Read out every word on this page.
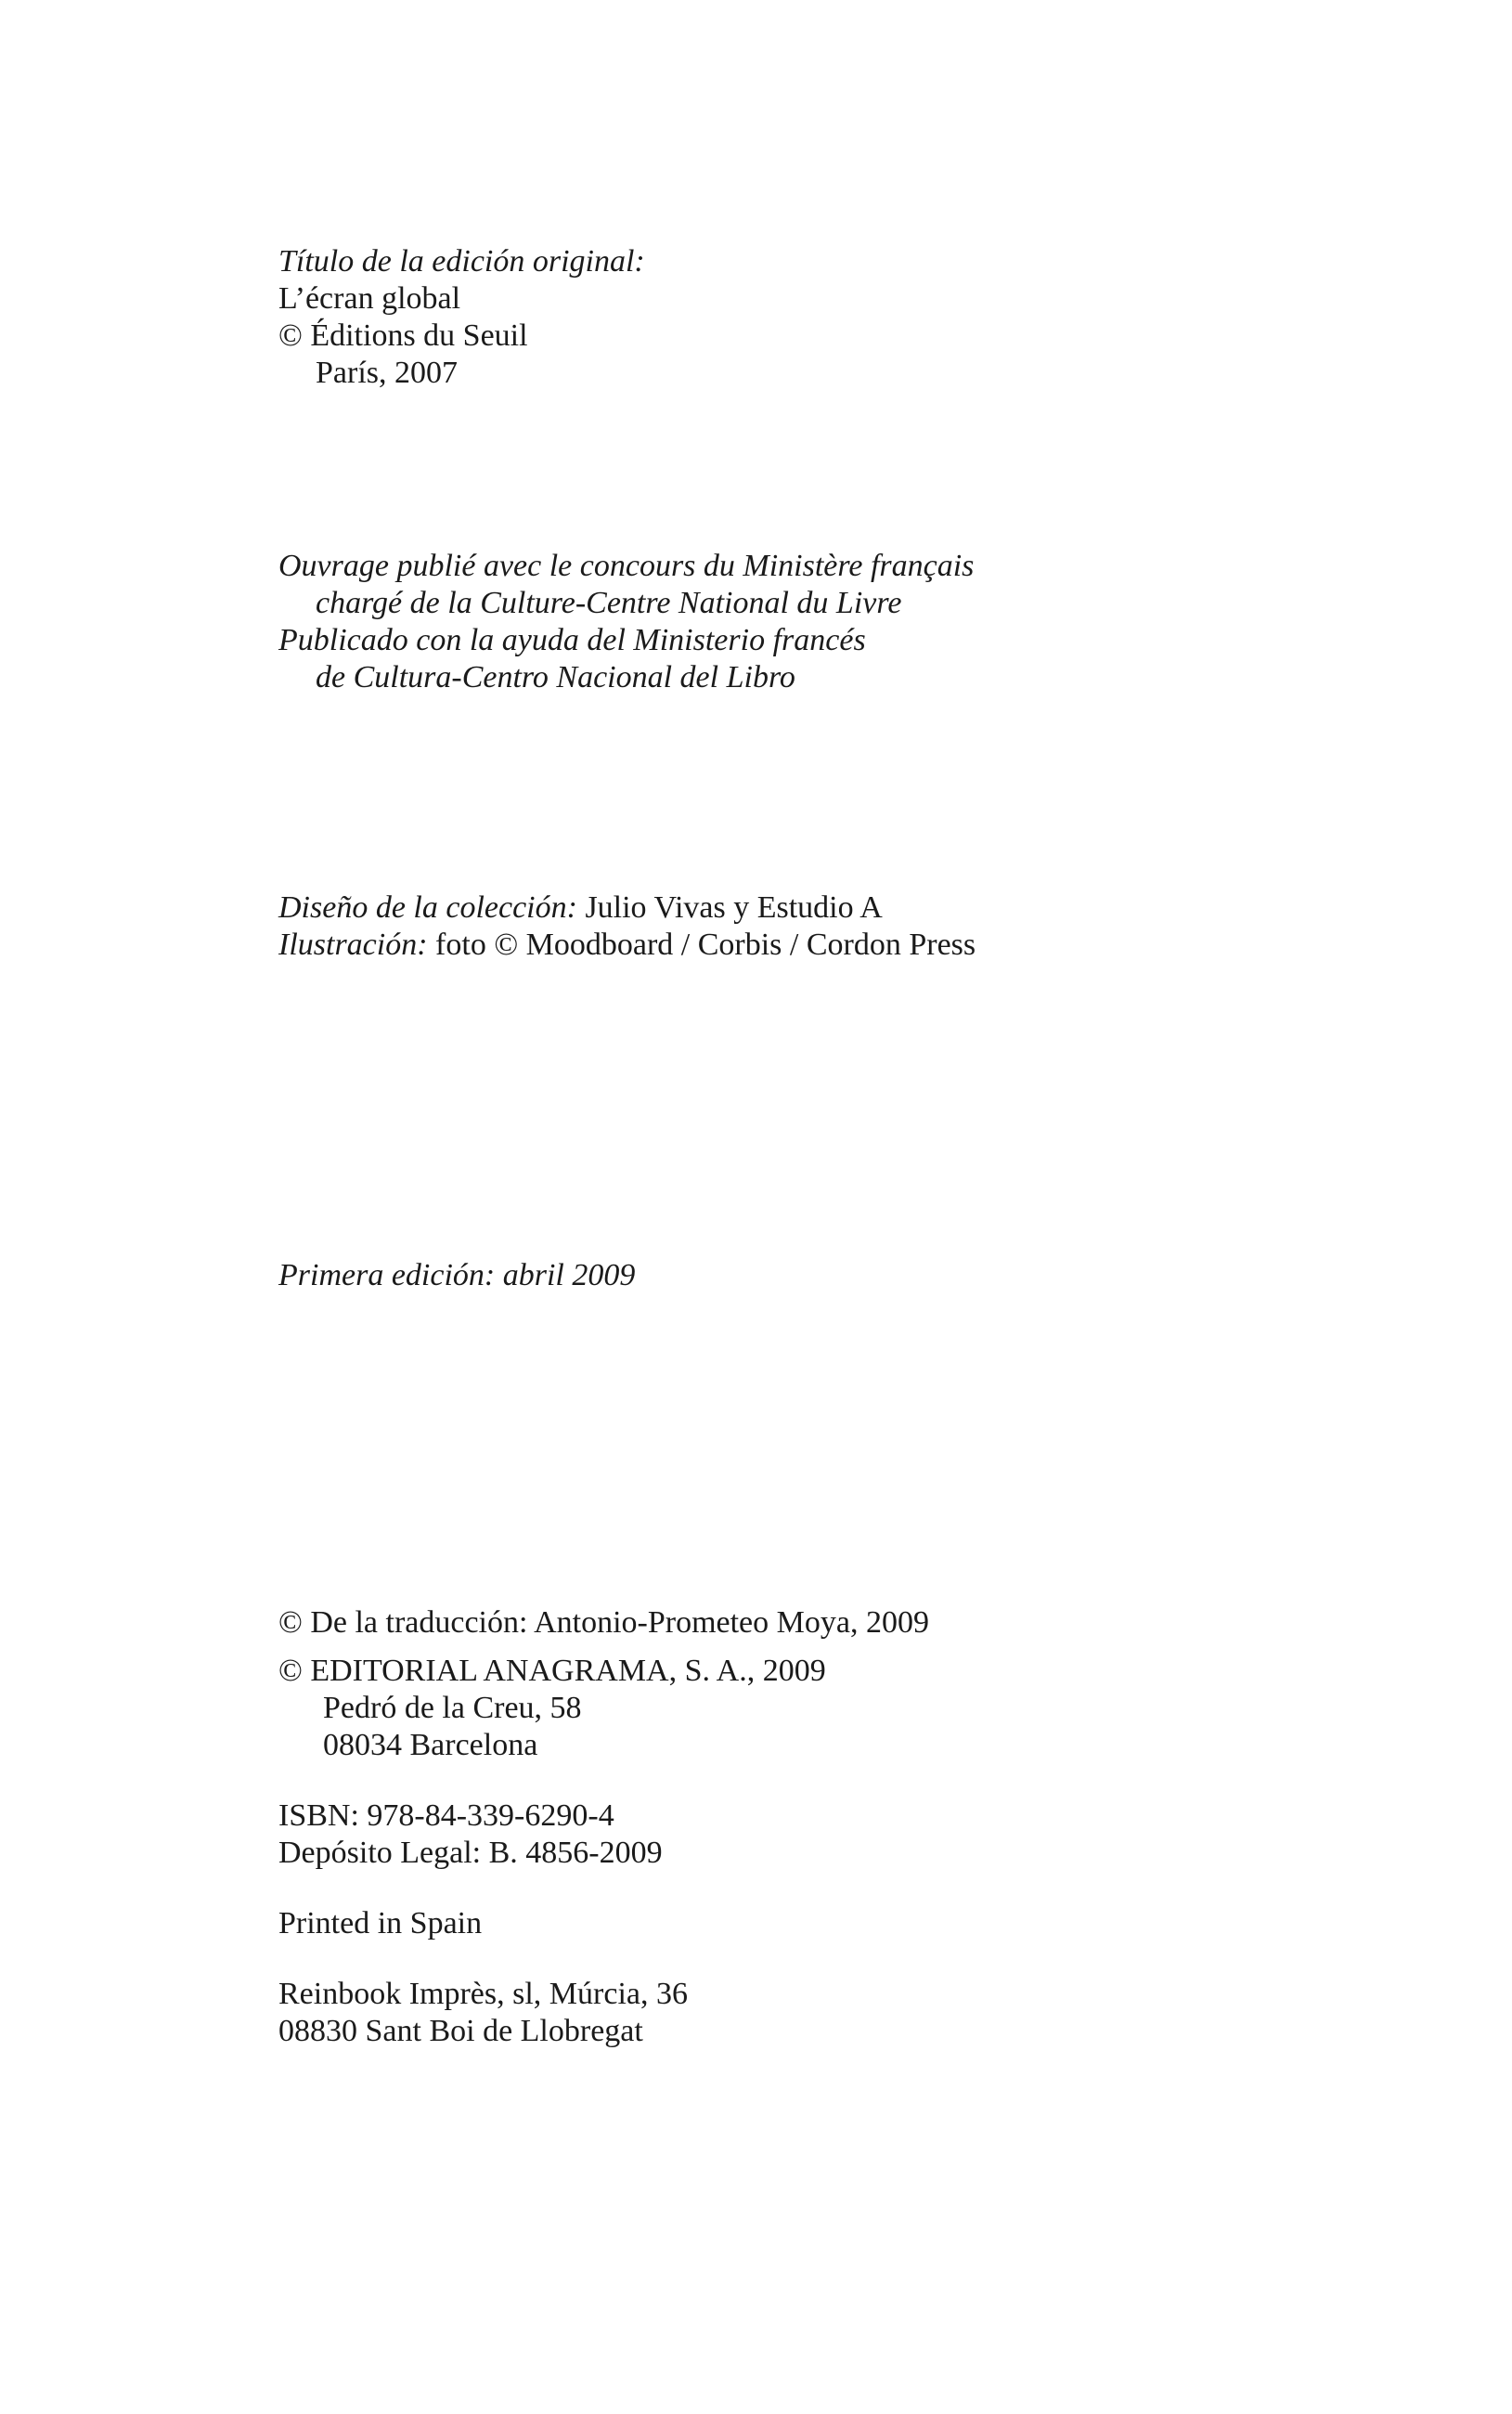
Título de la edición original:
L’écran global
© Éditions du Seuil
París, 2007
Ouvrage publié avec le concours du Ministère français
chargé de la Culture-Centre National du Livre
Publicado con la ayuda del Ministerio francés
de Cultura-Centro Nacional del Libro
Diseño de la colección: Julio Vivas y Estudio A
Ilustración: foto © Moodboard / Corbis / Cordon Press
Primera edición: abril 2009
© De la traducción: Antonio-Prometeo Moya, 2009
© EDITORIAL ANAGRAMA, S. A., 2009
Pedró de la Creu, 58
08034 Barcelona
ISBN: 978-84-339-6290-4
Depósito Legal: B. 4856-2009
Printed in Spain
Reinbook Imprès, sl, Múrcia, 36
08830 Sant Boi de Llobregat
